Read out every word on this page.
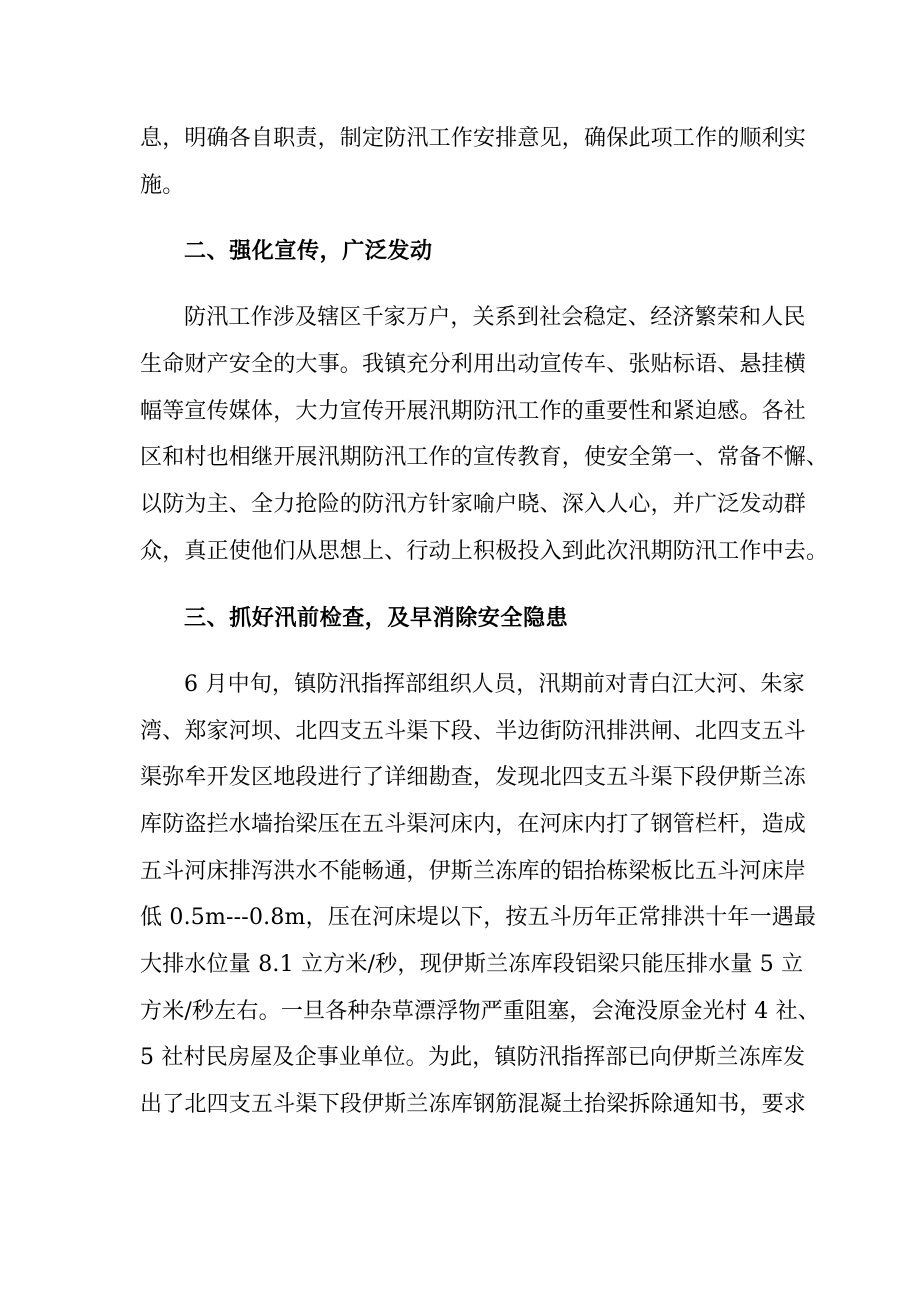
息，明确各自职责，制定防汛工作安排意见，确保此项工作的顺利实

施。

二、强化宣传，广泛发动

防汛工作涉及辖区千家万户，关系到社会稳定、经济繁荣和人民

生命财产安全的大事。我镇充分利用出动宣传车、张贴标语、悬挂横

幅等宣传媒体，大力宣传开展汛期防汛工作的重要性和紧迫感。各社

区和村也相继开展汛期防汛工作的宣传教育，使安全第一、常备不懈、

以防为主、全力抢险的防汛方针家喻户晓、深入人心，并广泛发动群

众，真正使他们从思想上、行动上积极投入到此次汛期防汛工作中去。

三、抓好汛前检查，及早消除安全隐患

6 月中旬，镇防汛指挥部组织人员，汛期前对青白江大河、朱家

湾、郑家河坝、北四支五斗渠下段、半边街防汛排洪闸、北四支五斗

渠弥牟开发区地段进行了详细勘查，发现北四支五斗渠下段伊斯兰冻

库防盗拦水墙抬梁压在五斗渠河床内，在河床内打了钢管栏杆，造成

五斗河床排泻洪水不能畅通，伊斯兰冻库的铝抬栋梁板比五斗河床岸

低 0.5m---0.8m，压在河床堤以下，按五斗历年正常排洪十年一遇最

大排水位量 8.1 立方米/秒，现伊斯兰冻库段铝梁只能压排水量 5 立

方米/秒左右。一旦各种杂草漂浮物严重阻塞，会淹没原金光村 4 社、

5 社村民房屋及企事业单位。为此，镇防汛指挥部已向伊斯兰冻库发

出了北四支五斗渠下段伊斯兰冻库钢筋混凝土抬梁拆除通知书，要求
